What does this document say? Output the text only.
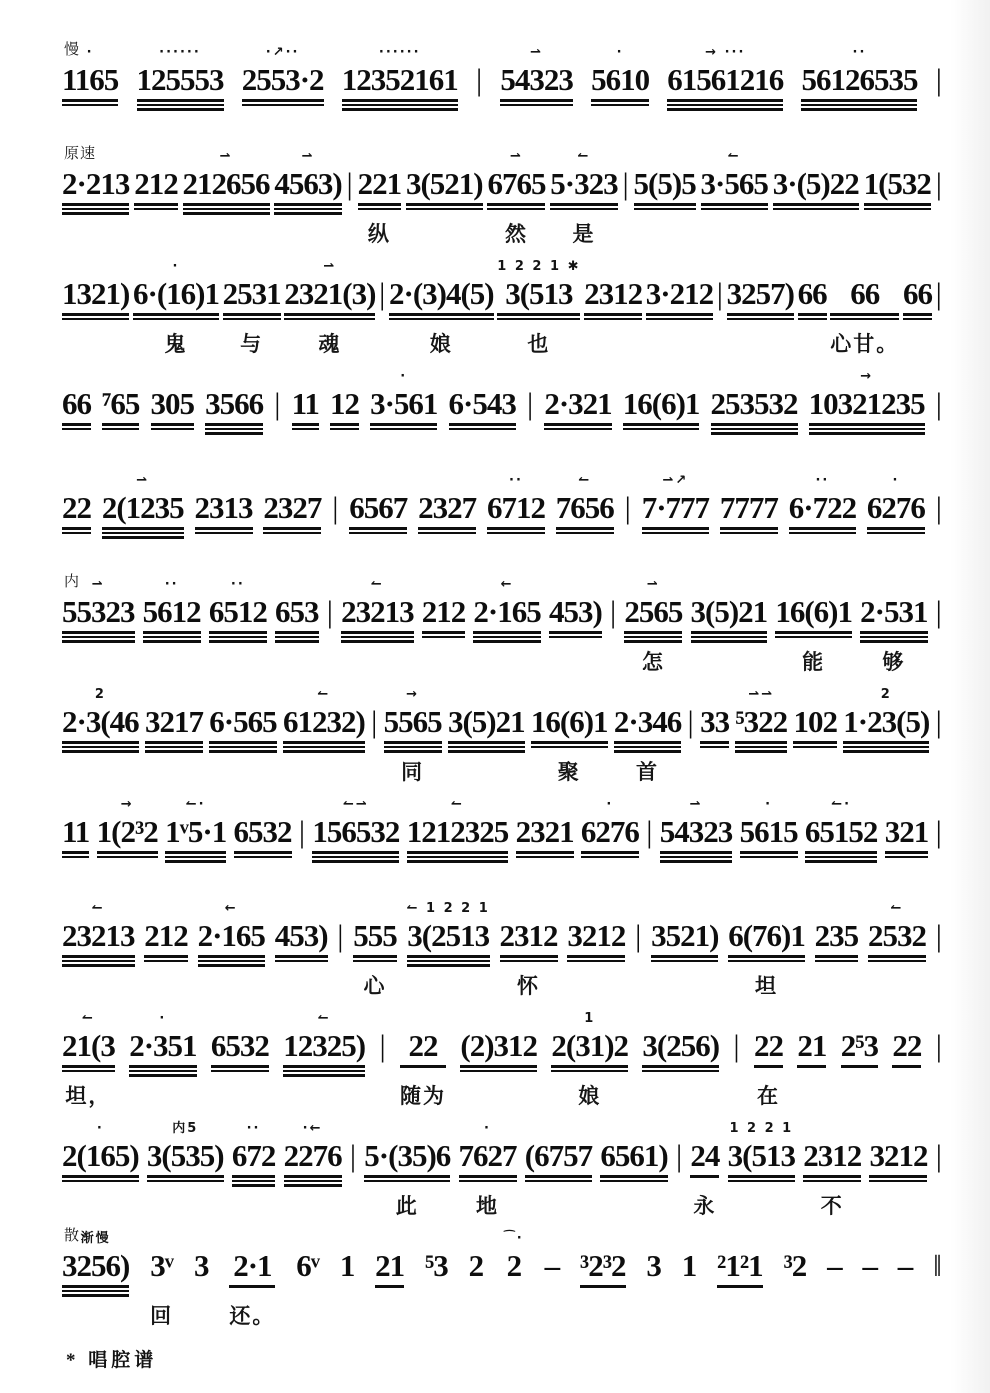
慢 ·
1165
······
125553
·↗··
2553·2
······
12352161 |
⇀
54323
·
5610
→ ···
61561216
··
56126535 |
原速
2·213 212
⇀
212656
⇀
4563) | 221
纵
3(521)
⇀
6765
然
↼
5·323
是
| 5(5)5
↼
3·565 3·(5)22 1(532 |
1321)
·
6·(16)1
鬼
2531
与
⇀
2321(3)
魂
| 2·(3)4(5)
娘
1 2 2 1 ✱
3(513
也
2312 3·212 | 3257) 66 66
心甘。
66 |
66 ⁷65 305 3566 | 11 12
·
3·561 6·543 | 2·321 16(6)1 253532
→
10321235 |
22
⇀
2(1235 2313 2327 | 6567 2327
··
6712
↼
7656 |
⇀↗
7·777 7777
··
6·722
·
6276 |
内 ⇀
55323
··
5612
··
6512 653 |
↼
23213 212
←
2·165 453) |
⇀
2565
怎
3(5)21 16(6)1
能
2·531
够
|
2
2·3(46 3217 6·565
↼
61232) |
→
5565
同
3(5)21 16(6)1
聚
2·346
首
| 33
⇀⇀
⁵322 102
2
1·23(5) |
11
→
1(2³2
↼·
1ᵛ5·1 6532 |
↼⇀
156532
↼
1212325 2321
·
6276 |
⇀
54323
·
5615
↼·
65152 321 |
↼
23213 212
←
2·165 453) | 555
心
↼ 1 2 2 1
3(2513 2312
怀
3212 | 3521) 6(76)1
坦
235
↼
2532 |
↼
21(3
坦，
·
2·351 6532
↼
12325) | 22
随为
(2)312
1
2(31)2
娘
3(256) | 22
在
21 2⁵3 22 |
·
2(165)
内5
3(535)
··
672
·←
2276 | 5·(35)6
此
·
7627
地
(6757 6561) | 24
永
1 2 2 1
3(513 2312
不
3212 |
散 渐慢
3256) 3ᵛ
回
3 2·1
还。
6ᵛ 1 21 ⁵3 2
⁀·
2 – ³2³2 3 1 ²1²1 ³2 – – – ‖
* 唱腔谱
